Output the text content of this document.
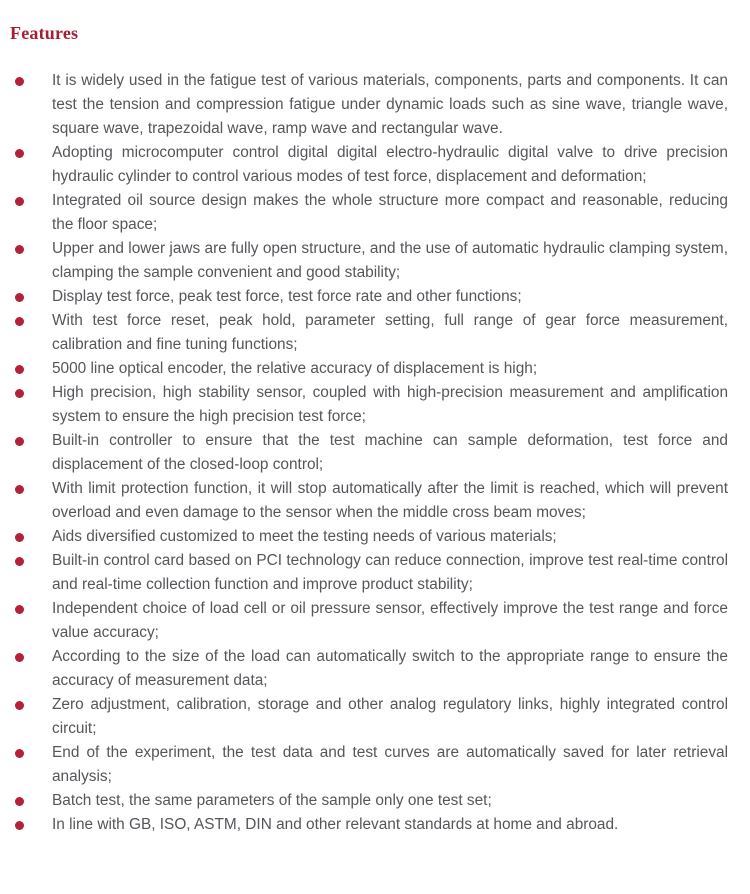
Features
It is widely used in the fatigue test of various materials, components, parts and components. It can test the tension and compression fatigue under dynamic loads such as sine wave, triangle wave, square wave, trapezoidal wave, ramp wave and rectangular wave.
Adopting microcomputer control digital digital electro-hydraulic digital valve to drive precision hydraulic cylinder to control various modes of test force, displacement and deformation;
Integrated oil source design makes the whole structure more compact and reasonable, reducing the floor space;
Upper and lower jaws are fully open structure, and the use of automatic hydraulic clamping system, clamping the sample convenient and good stability;
Display test force, peak test force, test force rate and other functions;
With test force reset, peak hold, parameter setting, full range of gear force measurement, calibration and fine tuning functions;
5000 line optical encoder, the relative accuracy of displacement is high;
High precision, high stability sensor, coupled with high-precision measurement and amplification system to ensure the high precision test force;
Built-in controller to ensure that the test machine can sample deformation, test force and displacement of the closed-loop control;
With limit protection function, it will stop automatically after the limit is reached, which will prevent overload and even damage to the sensor when the middle cross beam moves;
Aids diversified customized to meet the testing needs of various materials;
Built-in control card based on PCI technology can reduce connection, improve test real-time control and real-time collection function and improve product stability;
Independent choice of load cell or oil pressure sensor, effectively improve the test range and force value accuracy;
According to the size of the load can automatically switch to the appropriate range to ensure the accuracy of measurement data;
Zero adjustment, calibration, storage and other analog regulatory links, highly integrated control circuit;
End of the experiment, the test data and test curves are automatically saved for later retrieval analysis;
Batch test, the same parameters of the sample only one test set;
In line with GB, ISO, ASTM, DIN and other relevant standards at home and abroad.
